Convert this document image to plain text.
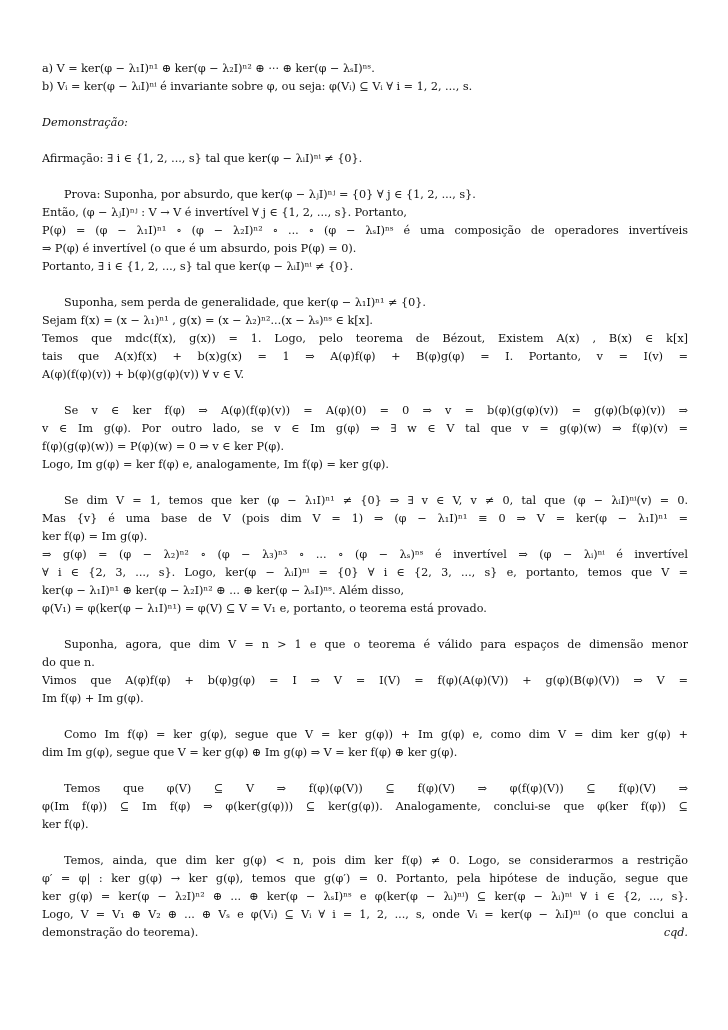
a) V = ker(φ − λ₁I)ⁿ¹ ⊕ ker(φ − λ₂I)ⁿ² ⊕ ··· ⊕ ker(φ − λₛI)ⁿˢ.
b) Vᵢ = ker(φ − λᵢI)ⁿⁱ é invariante sobre φ, ou seja: φ(Vᵢ) ⊆ Vᵢ ∀ i = 1, 2, ..., s.
Demonstração:
Afirmação: ∃ i ∈ {1, 2, ..., s} tal que ker(φ − λᵢI)ⁿⁱ ≠ {0}.
Prova: Suponha, por absurdo, que ker(φ − λⱼI)ⁿʲ = {0} ∀ j ∈ {1, 2, ..., s}.
Então, (φ − λⱼI)ⁿʲ : V → V é invertível ∀ j ∈ {1, 2, ..., s}. Portanto,
P(φ) = (φ − λ₁I)ⁿ¹ ∘ (φ − λ₂I)ⁿ² ∘ ... ∘ (φ − λₛI)ⁿˢ é uma composição de operadores invertíveis
⇒ P(φ) é invertível (o que é um absurdo, pois P(φ) = 0).
Portanto, ∃ i ∈ {1, 2, ..., s} tal que ker(φ − λᵢI)ⁿⁱ ≠ {0}.
Suponha, sem perda de generalidade, que ker(φ − λ₁I)ⁿ¹ ≠ {0}.
Sejam f(x) = (x − λ₁)ⁿ¹ , g(x) = (x − λ₂)ⁿ²...(x − λₛ)ⁿˢ ∈ k[x].
Temos que mdc(f(x), g(x)) = 1. Logo, pelo teorema de Bézout, Existem A(x) , B(x) ∈ k[x]
tais que A(x)f(x) + b(x)g(x) = 1 ⇒ A(φ)f(φ) + B(φ)g(φ) = I. Portanto, v = I(v) =
A(φ)(f(φ)(v)) + b(φ)(g(φ)(v)) ∀ v ∈ V.
Se v ∈ ker f(φ) ⇒ A(φ)(f(φ)(v)) = A(φ)(0) = 0 ⇒ v = b(φ)(g(φ)(v)) = g(φ)(b(φ)(v)) ⇒
v ∈ Im g(φ). Por outro lado, se v ∈ Im g(φ) ⇒ ∃ w ∈ V tal que v = g(φ)(w) ⇒ f(φ)(v) =
f(φ)(g(φ)(w)) = P(φ)(w) = 0 ⇒ v ∈ ker P(φ).
Logo, Im g(φ) = ker f(φ) e, analogamente, Im f(φ) = ker g(φ).
Se dim V = 1, temos que ker (φ − λ₁I)ⁿ¹ ≠ {0} ⇒ ∃ v ∈ V, v ≠ 0, tal que (φ − λᵢI)ⁿⁱ(v) = 0.
Mas {v} é uma base de V (pois dim V = 1) ⇒ (φ − λ₁I)ⁿ¹ ≡ 0 ⇒ V = ker(φ − λ₁I)ⁿ¹ =
ker f(φ) = Im g(φ).
⇒ g(φ) = (φ − λ₂)ⁿ² ∘ (φ − λ₃)ⁿ³ ∘ ... ∘ (φ − λₛ)ⁿˢ é invertível ⇒ (φ − λᵢ)ⁿⁱ é invertível
∀ i ∈ {2, 3, ..., s}. Logo, ker(φ − λᵢI)ⁿⁱ = {0} ∀ i ∈ {2, 3, ..., s} e, portanto, temos que V =
ker(φ − λ₁I)ⁿ¹ ⊕ ker(φ − λ₂I)ⁿ² ⊕ ... ⊕ ker(φ − λₛI)ⁿˢ. Além disso,
φ(V₁) = φ(ker(φ − λ₁I)ⁿ¹) = φ(V) ⊆ V = V₁ e, portanto, o teorema está provado.
Suponha, agora, que dim V = n > 1 e que o teorema é válido para espaços de dimensão menor
do que n.
Vimos que A(φ)f(φ) + b(φ)g(φ) = I ⇒ V = I(V) = f(φ)(A(φ)(V)) + g(φ)(B(φ)(V)) ⇒ V =
Im f(φ) + Im g(φ).
Como Im f(φ) = ker g(φ), segue que V = ker g(φ)) + Im g(φ) e, como dim V = dim ker g(φ) +
dim Im g(φ), segue que V = ker g(φ) ⊕ Im g(φ) ⇒ V = ker f(φ) ⊕ ker g(φ).
Temos que φ(V) ⊆ V ⇒ f(φ)(φ(V)) ⊆ f(φ)(V) ⇒ φ(f(φ)(V)) ⊆ f(φ)(V) ⇒
φ(Im f(φ)) ⊆ Im f(φ) ⇒ φ(ker(g(φ))) ⊆ ker(g(φ)). Analogamente, conclui-se que φ(ker f(φ)) ⊆
ker f(φ).
Temos, ainda, que dim ker g(φ) < n, pois dim ker f(φ) ≠ 0. Logo, se considerarmos a restrição
φ′ = φ| : ker g(φ) → ker g(φ), temos que g(φ′) = 0. Portanto, pela hipótese de indução, segue que
ker g(φ) = ker(φ − λ₂I)ⁿ² ⊕ ... ⊕ ker(φ − λₛI)ⁿˢ e φ(ker(φ − λᵢ)ⁿⁱ) ⊆ ker(φ − λᵢ)ⁿⁱ ∀ i ∈ {2, ..., s}.
Logo, V = V₁ ⊕ V₂ ⊕ ... ⊕ Vₛ e φ(Vᵢ) ⊆ Vᵢ ∀ i = 1, 2, ..., s, onde Vᵢ = ker(φ − λᵢI)ⁿⁱ (o que conclui a
demonstração do teorema).	cqd.
